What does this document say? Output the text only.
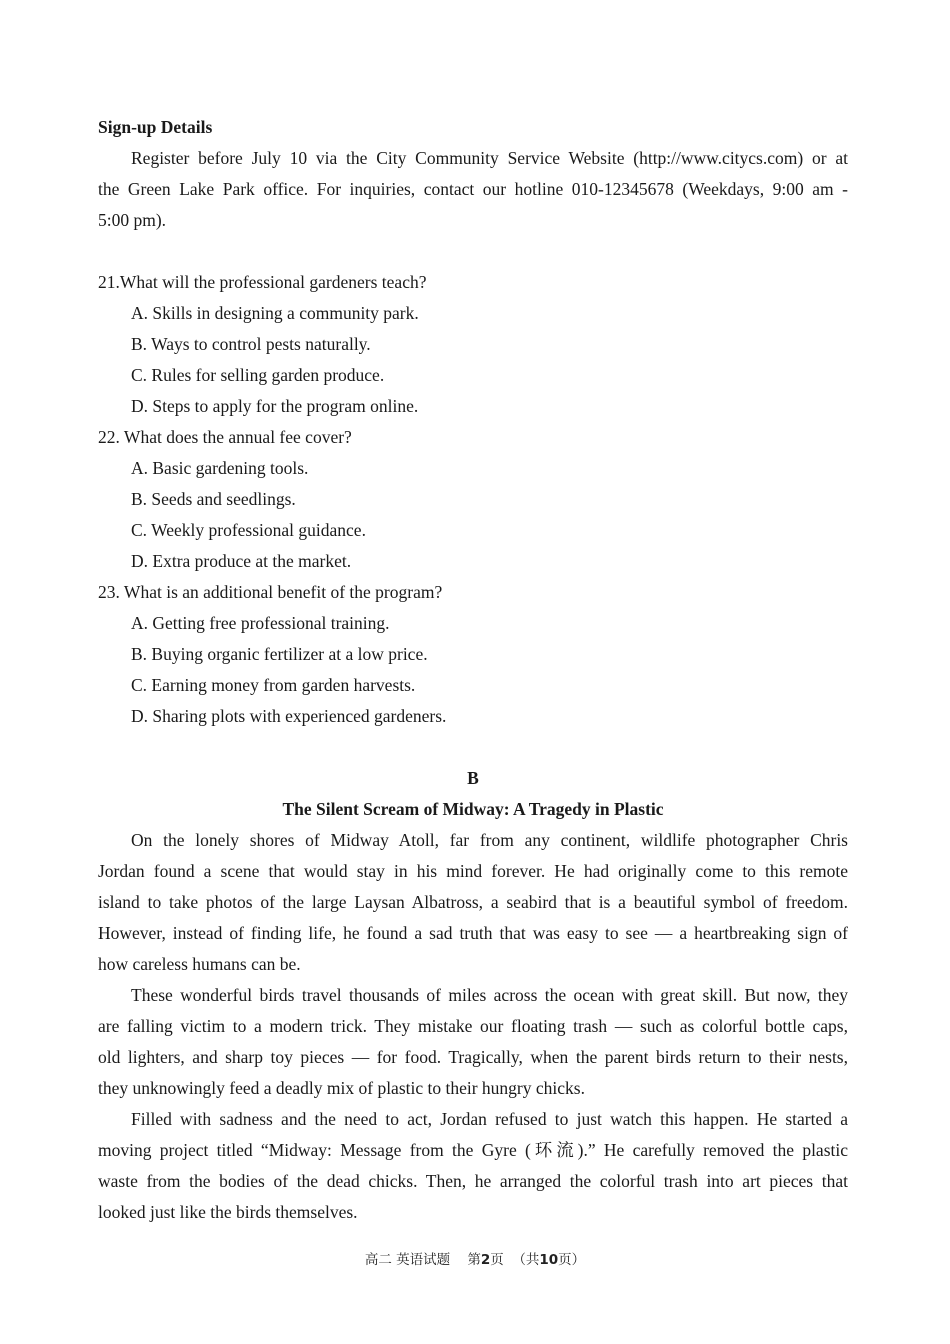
Sign-up Details
Register before July 10 via the City Community Service Website (http://www.citycs.com) or at
the Green Lake Park office. For inquiries, contact our hotline 010-12345678 (Weekdays, 9:00 am -
5:00 pm).
21.What will the professional gardeners teach?
A. Skills in designing a community park.
B. Ways to control pests naturally.
C. Rules for selling garden produce.
D. Steps to apply for the program online.
22. What does the annual fee cover?
A. Basic gardening tools.
B. Seeds and seedlings.
C. Weekly professional guidance.
D. Extra produce at the market.
23. What is an additional benefit of the program?
A. Getting free professional training.
B. Buying organic fertilizer at a low price.
C. Earning money from garden harvests.
D. Sharing plots with experienced gardeners.
B
The Silent Scream of Midway: A Tragedy in Plastic
On the lonely shores of Midway Atoll, far from any continent, wildlife photographer Chris
Jordan found a scene that would stay in his mind forever. He had originally come to this remote
island to take photos of the large Laysan Albatross, a seabird that is a beautiful symbol of freedom.
However, instead of finding life, he found a sad truth that was easy to see — a heartbreaking sign of
how careless humans can be.
These wonderful birds travel thousands of miles across the ocean with great skill. But now, they
are falling victim to a modern trick. They mistake our floating trash — such as colorful bottle caps,
old lighters, and sharp toy pieces — for food. Tragically, when the parent birds return to their nests,
they unknowingly feed a deadly mix of plastic to their hungry chicks.
Filled with sadness and the need to act, Jordan refused to just watch this happen. He started a
moving project titled “Midway: Message from the Gyre (环流).” He carefully removed the plastic
waste from the bodies of the dead chicks. Then, he arranged the colorful trash into art pieces that
looked just like the birds themselves.
高二 英语试题 第2页 （共10页）
